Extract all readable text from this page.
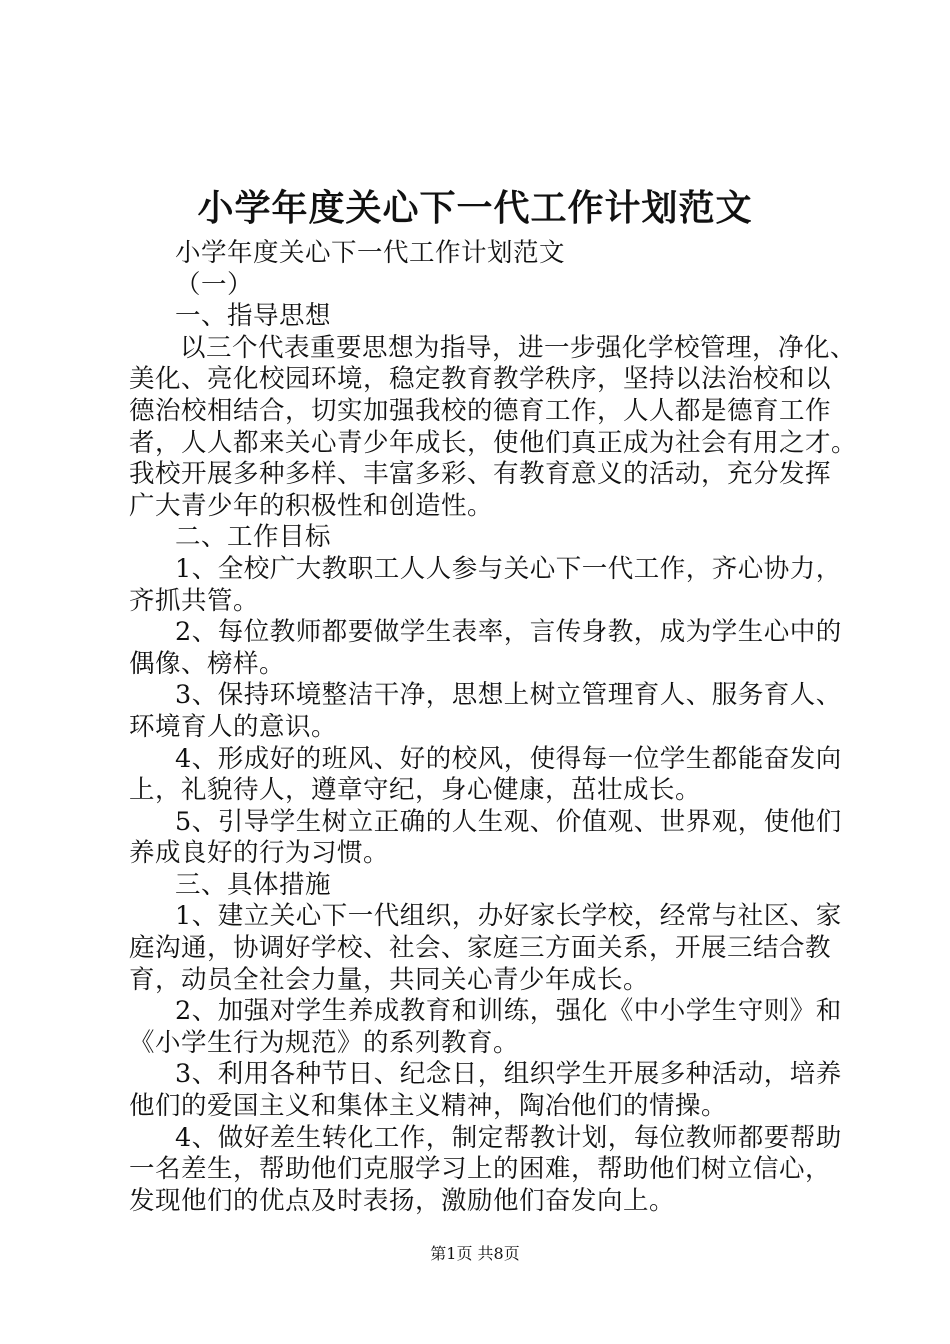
小学年度关心下一代工作计划范文
小学年度关心下一代工作计划范文
（一）
一、指导思想
以三个代表重要思想为指导，进一步强化学校管理，净化、
美化、亮化校园环境，稳定教育教学秩序，坚持以法治校和以
德治校相结合，切实加强我校的德育工作，人人都是德育工作
者，人人都来关心青少年成长，使他们真正成为社会有用之才。
我校开展多种多样、丰富多彩、有教育意义的活动，充分发挥
广大青少年的积极性和创造性。
二、工作目标
1、全校广大教职工人人参与关心下一代工作，齐心协力，
齐抓共管。
2、每位教师都要做学生表率，言传身教，成为学生心中的
偶像、榜样。
3、保持环境整洁干净，思想上树立管理育人、服务育人、
环境育人的意识。
4、形成好的班风、好的校风，使得每一位学生都能奋发向
上，礼貌待人，遵章守纪，身心健康，茁壮成长。
5、引导学生树立正确的人生观、价值观、世界观，使他们
养成良好的行为习惯。
三、具体措施
1、建立关心下一代组织，办好家长学校，经常与社区、家
庭沟通，协调好学校、社会、家庭三方面关系，开展三结合教
育，动员全社会力量，共同关心青少年成长。
2、加强对学生养成教育和训练，强化《中小学生守则》和
《小学生行为规范》的系列教育。
3、利用各种节日、纪念日，组织学生开展多种活动，培养
他们的爱国主义和集体主义精神，陶冶他们的情操。
4、做好差生转化工作，制定帮教计划，每位教师都要帮助
一名差生，帮助他们克服学习上的困难，帮助他们树立信心，
发现他们的优点及时表扬，激励他们奋发向上。
第1页 共8页
